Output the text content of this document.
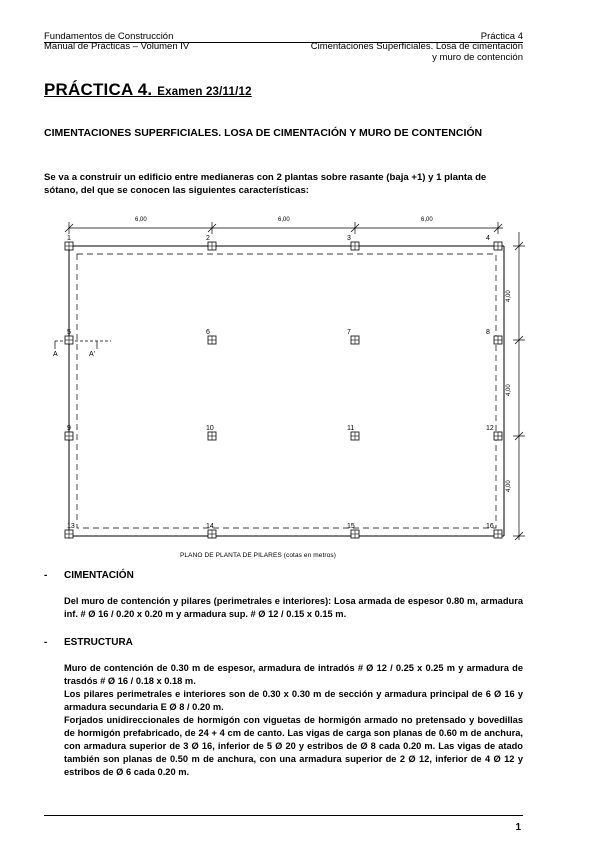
Fundamentos de Construcción	Práctica 4
Manual de Prácticas – Volumen IV	Cimentaciones Superficiales. Losa de cimentación
y muro de contención
PRÁCTICA 4. Examen 23/11/12
CIMENTACIONES SUPERFICIALES. LOSA DE CIMENTACIÓN Y MURO DE CONTENCIÓN
Se va a construir un edificio entre medianeras con 2 plantas sobre rasante (baja +1) y 1 planta de sótano, del que se conocen las siguientes características:
6,00	6,00	6,00
4,00
4,00
4,00
A	A'
1	2	3	4
5	6	7	8
9	10	11	12
13	14	15	16
PLANO DE PLANTA DE PILARES (cotas en metros)
- CIMENTACIÓN

Del muro de contención y pilares (perimetrales e interiores): Losa armada de espesor 0.80 m, armadura inf. # Ø 16 / 0.20 x 0.20 m y armadura sup. # Ø 12 / 0.15 x 0.15 m.

- ESTRUCTURA

Muro de contención de 0.30 m de espesor, armadura de intradós # Ø 12 / 0.25 x 0.25 m y armadura de trasdós # Ø 16 / 0.18 x 0.18 m.

Los pilares perimetrales e interiores son de 0.30 x 0.30 m de sección y armadura principal de 6 Ø 16 y armadura secundaria E Ø 8 / 0.20 m.

Forjados unidireccionales de hormigón con viguetas de hormigón armado no pretensado y bovedillas de hormigón prefabricado, de 24 + 4 cm de canto. Las vigas de carga son planas de 0.60 m de anchura, con armadura superior de 3 Ø 16, inferior de 5 Ø 20 y estribos de Ø 8 cada 0.20 m. Las vigas de atado también son planas de 0.50 m de anchura, con una armadura superior de 2 Ø 12, inferior de 4 Ø 12 y estribos de Ø 6 cada 0.20 m.

1
